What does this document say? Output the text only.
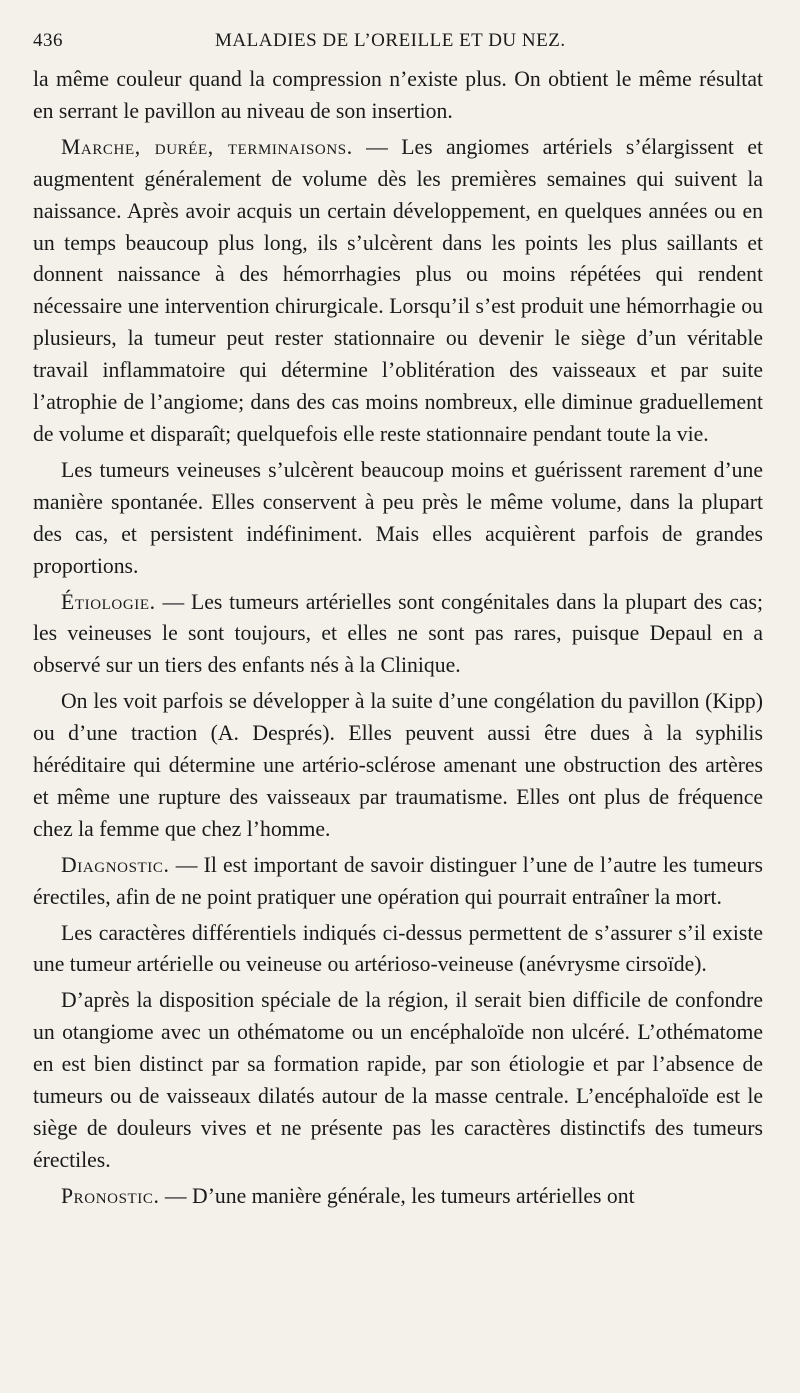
436	MALADIES DE L’OREILLE ET DU NEZ.

la même couleur quand la compression n’existe plus. On obtient le même résultat en serrant le pavillon au niveau de son insertion.

Marche, durée, terminaisons. — Les angiomes artériels s’élargissent et augmentent généralement de volume dès les premières semaines qui suivent la naissance. Après avoir acquis un certain développement, en quelques années ou en un temps beaucoup plus long, ils s’ulcèrent dans les points les plus saillants et donnent naissance à des hémorrhagies plus ou moins répétées qui rendent nécessaire une intervention chirurgicale. Lorsqu’il s’est produit une hémorrhagie ou plusieurs, la tumeur peut rester stationnaire ou devenir le siège d’un véritable travail inflammatoire qui détermine l’oblitération des vaisseaux et par suite l’atrophie de l’angiome; dans des cas moins nombreux, elle diminue graduellement de volume et disparaît; quelquefois elle reste stationnaire pendant toute la vie.

Les tumeurs veineuses s’ulcèrent beaucoup moins et guérissent rarement d’une manière spontanée. Elles conservent à peu près le même volume, dans la plupart des cas, et persistent indéfiniment. Mais elles acquièrent parfois de grandes proportions.

Étiologie. — Les tumeurs artérielles sont congénitales dans la plupart des cas; les veineuses le sont toujours, et elles ne sont pas rares, puisque Depaul en a observé sur un tiers des enfants nés à la Clinique.

On les voit parfois se développer à la suite d’une congélation du pavillon (Kipp) ou d’une traction (A. Després). Elles peuvent aussi être dues à la syphilis héréditaire qui détermine une artério-sclérose amenant une obstruction des artères et même une rupture des vaisseaux par traumatisme. Elles ont plus de fréquence chez la femme que chez l’homme.

Diagnostic. — Il est important de savoir distinguer l’une de l’autre les tumeurs érectiles, afin de ne point pratiquer une opération qui pourrait entraîner la mort.

Les caractères différentiels indiqués ci-dessus permettent de s’assurer s’il existe une tumeur artérielle ou veineuse ou artérioso-veineuse (anévrysme cirsoïde).

D’après la disposition spéciale de la région, il serait bien difficile de confondre un otangiome avec un othématome ou un encéphaloïde non ulcéré. L’othématome en est bien distinct par sa formation rapide, par son étiologie et par l’absence de tumeurs ou de vaisseaux dilatés autour de la masse centrale. L’encéphaloïde est le siège de douleurs vives et ne présente pas les caractères distinctifs des tumeurs érectiles.

Pronostic. — D’une manière générale, les tumeurs artérielles ont
